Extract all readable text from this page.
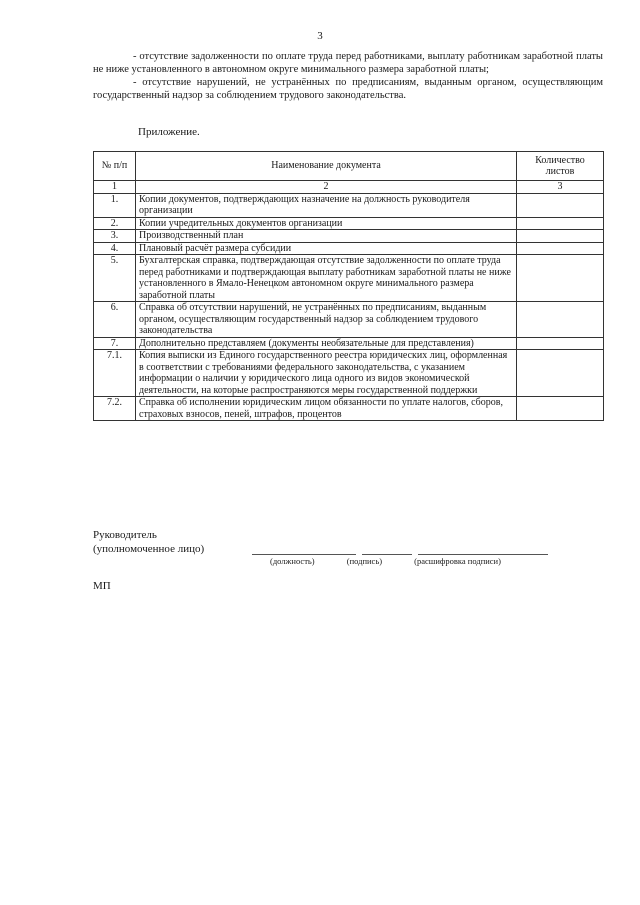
3

- отсутствие задолженности по оплате труда перед работниками, выплату работникам заработной платы не ниже установленного в автономном округе минимального размера заработной платы;

- отсутствие нарушений, не устранённых по предписаниям, выданным органом, осуществляющим государственный надзор за соблюдением трудового законодательства.

Приложение.
№ п/п	Наименование документа	Количество листов
1	2	3
1.	Копии документов, подтверждающих назначение на должность руководителя организации	
2.	Копии учредительных документов организации	
3.	Производственный план	
4.	Плановый расчёт размера субсидии	
5.	Бухгалтерская справка, подтверждающая отсутствие задолженности по оплате труда перед работниками и подтверждающая выплату работникам заработной платы не ниже установленного в Ямало-Ненецком автономном округе минимального размера заработной платы	
6.	Справка об отсутствии нарушений, не устранённых по предписаниям, выданным органом, осуществляющим государственный надзор за соблюдением трудового законодательства	
7.	Дополнительно представляем (документы необязательные для представления)	
7.1.	Копия выписки из Единого государственного реестра юридических лиц, оформленная в соответствии с требованиями федерального законодательства, с указанием информации о наличии у юридического лица одного из видов экономической деятельности, на которые распространяются меры государственной поддержки	
7.2.	Справка об исполнении юридическим лицом обязанности по уплате налогов, сборов, страховых взносов, пеней, штрафов, процентов	
Руководитель
(уполномоченное лицо)
(должность)	(подпись)	(расшифровка подписи)
МП
